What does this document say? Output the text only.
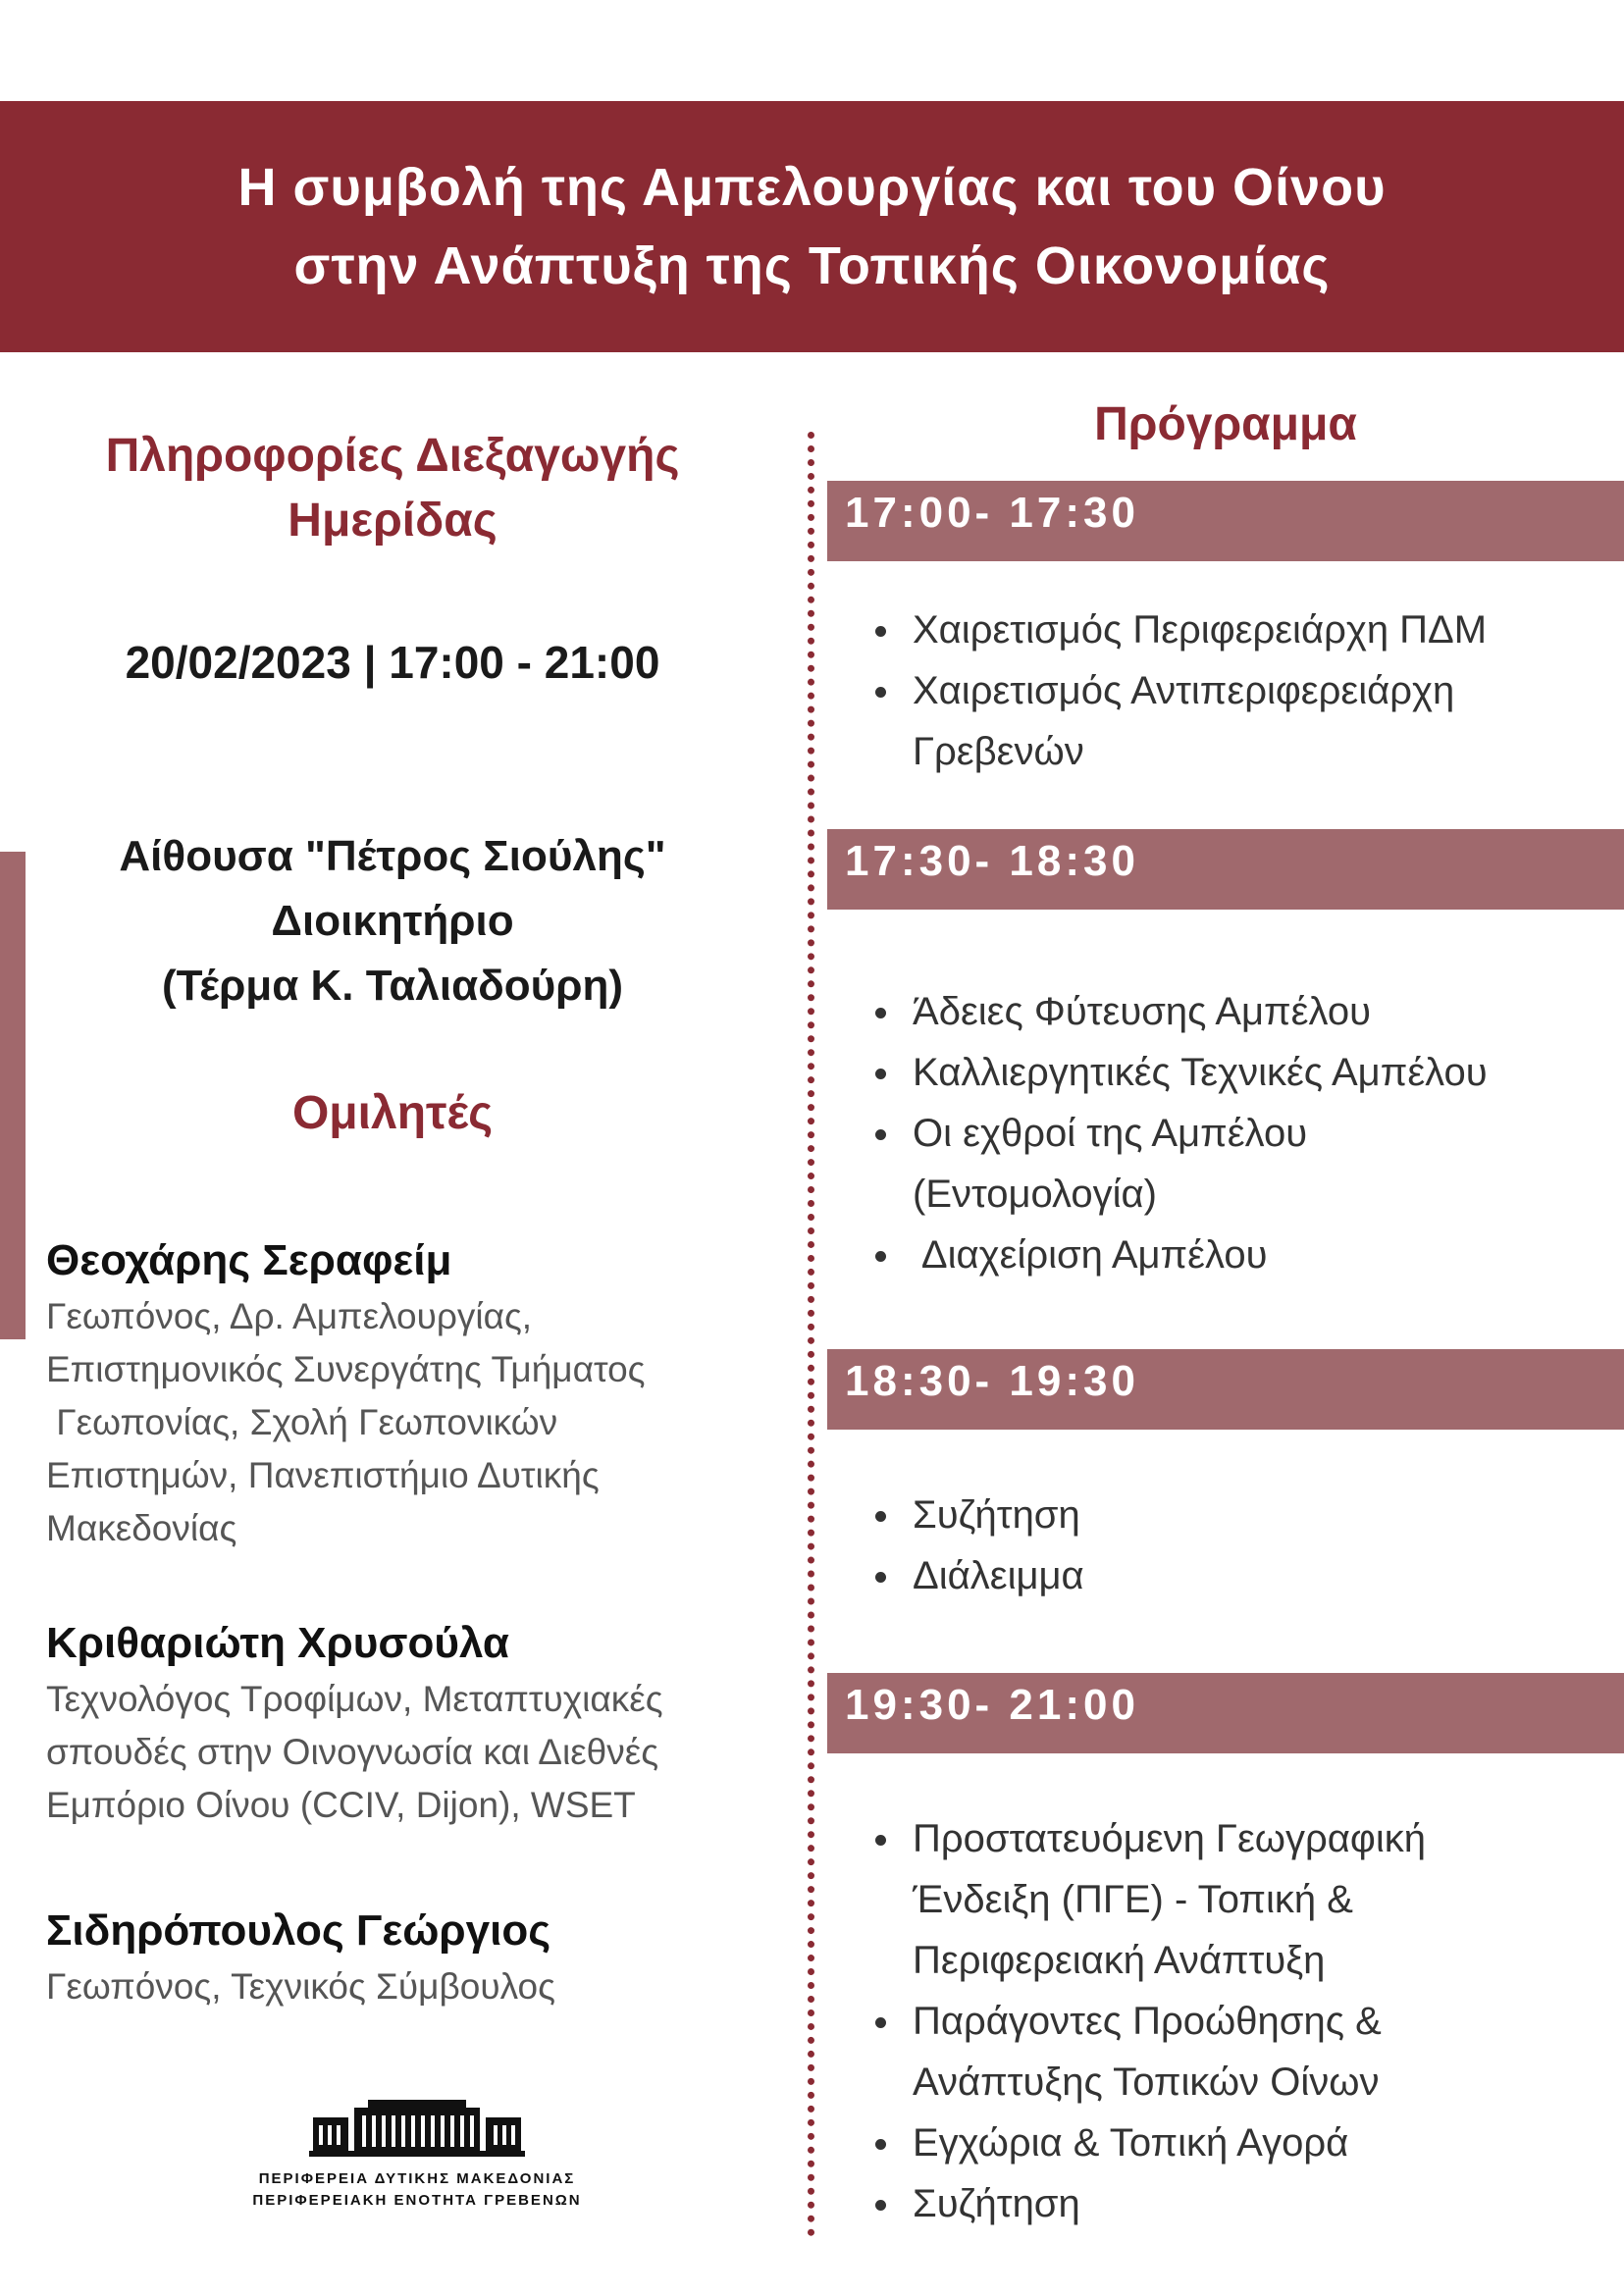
Η συμβολή της Αμπελουργίας και του Οίνου
στην Ανάπτυξη της Τοπικής Οικονομίας
Πληροφορίες Διεξαγωγής
Ημερίδας
20/02/2023 | 17:00 - 21:00
Αίθουσα "Πέτρος Σιούλης"
Διοικητήριο
(Τέρμα Κ. Ταλιαδούρη)
Ομιλητές
Θεοχάρης Σεραφείμ
Γεωπόνος, Δρ. Αμπελουργίας,
Επιστημονικός Συνεργάτης Τμήματος
Γεωπονίας, Σχολή Γεωπονικών
Επιστημών, Πανεπιστήμιο Δυτικής
Μακεδονίας
Κριθαριώτη Χρυσούλα
Τεχνολόγος Τροφίμων, Μεταπτυχιακές
σπουδές στην Οινογνωσία και Διεθνές
Εμπόριο Οίνου (CCIV, Dijon), WSET
Σιδηρόπουλος Γεώργιος
Γεωπόνος, Τεχνικός Σύμβουλος
Πρόγραμμα
17:00- 17:30
Χαιρετισμός Περιφερειάρχη ΠΔΜ
Χαιρετισμός Αντιπεριφερειάρχη
Γρεβενών
17:30- 18:30
Άδειες Φύτευσης Αμπέλου
Καλλιεργητικές Τεχνικές Αμπέλου
Οι εχθροί της Αμπέλου
(Εντομολογία)
Διαχείριση Αμπέλου
18:30- 19:30
Συζήτηση
Διάλειμμα
19:30- 21:00
Προστατευόμενη Γεωγραφική
Ένδειξη (ΠΓΕ) - Τοπική &
Περιφερειακή Ανάπτυξη
Παράγοντες Προώθησης &
Ανάπτυξης Τοπικών Οίνων
Εγχώρια & Τοπική Αγορά
Συζήτηση
ΠΕΡΙΦΕΡΕΙΑ ΔΥΤΙΚΗΣ ΜΑΚΕΔΟΝΙΑΣ
ΠΕΡΙΦΕΡΕΙΑΚΗ ΕΝΟΤΗΤΑ ΓΡΕΒΕΝΩΝ
